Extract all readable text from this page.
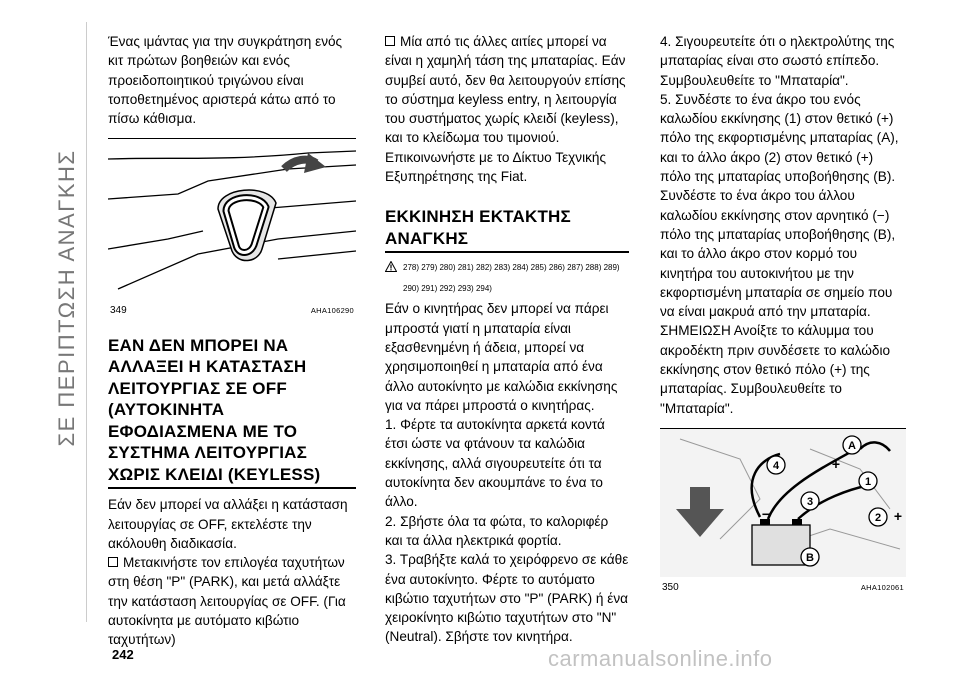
ΣΕ ΠΕΡΙΠΤΩΣΗ ΑΝΑΓΚΗΣ

Ένας ιμάντας για την συγκράτηση ενός κιτ πρώτων βοηθειών και ενός προειδοποιητικού τριγώνου είναι τοποθετημένος αριστερά κάτω από το πίσω κάθισμα.

349	AHA106290
ΕΑΝ ΔΕΝ ΜΠΟΡΕΙ ΝΑ ΑΛΛΑΞΕΙ Η ΚΑΤΑΣΤΑΣΗ ΛΕΙΤΟΥΡΓΙΑΣ ΣΕ OFF (ΑΥΤΟΚΙΝΗΤΑ ΕΦΟΔΙΑΣΜΕΝΑ ΜΕ ΤΟ ΣΥΣΤΗΜΑ ΛΕΙΤΟΥΡΓΙΑΣ ΧΩΡΙΣ ΚΛΕΙΔΙ (KEYLESS)

Εάν δεν μπορεί να αλλάξει η κατάσταση λειτουργίας σε OFF, εκτελέστε την ακόλουθη διαδικασία.

Μετακινήστε τον επιλογέα ταχυτήτων στη θέση "P" (PARK), και μετά αλλάξτε την κατάσταση λειτουργίας σε OFF. (Για αυτοκίνητα με αυτόματο κιβώτιο ταχυτήτων)

Μία από τις άλλες αιτίες μπορεί να είναι η χαμηλή τάση της μπαταρίας. Εάν συμβεί αυτό, δεν θα λειτουργούν επίσης το σύστημα keyless entry, η λειτουργία του συστήματος χωρίς κλειδί (keyless), και το κλείδωμα του τιμονιού. Επικοινωνήστε με το Δίκτυο Τεχνικής Εξυπηρέτησης της Fiat.

ΕΚΚΙΝΗΣΗ ΕΚΤΑΚΤΗΣ ΑΝΑΓΚΗΣ
278) 279) 280) 281) 282) 283) 284) 285) 286) 287) 288) 289) 290) 291) 292) 293) 294)

Εάν ο κινητήρας δεν μπορεί να πάρει μπροστά γιατί η μπαταρία είναι εξασθενημένη ή άδεια, μπορεί να χρησιμοποιηθεί η μπαταρία από ένα άλλο αυτοκίνητο με καλώδια εκκίνησης για να πάρει μπροστά ο κινητήρας.

1. Φέρτε τα αυτοκίνητα αρκετά κοντά έτσι ώστε να φτάνουν τα καλώδια εκκίνησης, αλλά σιγουρευτείτε ότι τα αυτοκίνητα δεν ακουμπάνε το ένα το άλλο.

2. Σβήστε όλα τα φώτα, το καλοριφέρ και τα άλλα ηλεκτρικά φορτία.

3. Τραβήξτε καλά το χειρόφρενο σε κάθε ένα αυτοκίνητο. Φέρτε το αυτόματο κιβώτιο ταχυτήτων στο "P" (PARK) ή ένα χειροκίνητο κιβώτιο ταχυτήτων στο "N" (Neutral). Σβήστε τον κινητήρα.

4. Σιγουρευτείτε ότι ο ηλεκτρολύτης της μπαταρίας είναι στο σωστό επίπεδο. Συμβουλευθείτε το "Μπαταρία".

5. Συνδέστε το ένα άκρο του ενός καλωδίου εκκίνησης (1) στον θετικό (+) πόλο της εκφορτισμένης μπαταρίας (A), και το άλλο άκρο (2) στον θετικό (+) πόλο της μπαταρίας υποβοήθησης (B).

Συνδέστε το ένα άκρο του άλλου καλωδίου εκκίνησης στον αρνητικό (−) πόλο της μπαταρίας υποβοήθησης (B), και το άλλο άκρο στον κορμό του κινητήρα του αυτοκινήτου με την εκφορτισμένη μπαταρία σε σημείο που να είναι μακρυά από την μπαταρία.

ΣΗΜΕΙΩΣΗ Ανοίξτε το κάλυμμα του ακροδέκτη πριν συνδέσετε το καλώδιο εκκίνησης στον θετικό πόλο (+) της μπαταρίας. Συμβουλευθείτε το "Μπαταρία".

4
A
1
3
2
B
+
+
−
350	AHA102061
242	carmanualsonline.info
